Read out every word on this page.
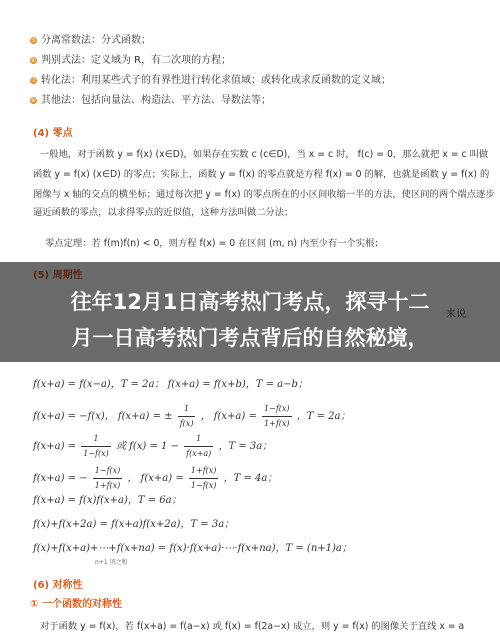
⑤ 分离常数法：分式函数；
⑥ 判别式法：定义域为 R，有二次项的方程；
⑦ 转化法：利用某些式子的有界性进行转化求值域；或转化成求反函数的定义域；
⑧ 其他法：包括向量法、构造法、平方法、导数法等；
(4) 零点
一般地，对于函数 y = f(x) (x∈D)，如果存在实数 c (c∈D)，当 x = c 时， f(c) = 0，那么就把 x = c 叫做
函数 y = f(x) (x∈D) 的零点；实际上，函数 y = f(x) 的零点就是方程 f(x) = 0 的解，也就是函数 y = f(x) 的
图像与 x 轴的交点的横坐标；通过每次把 y = f(x) 的零点所在的小区间收缩一半的方法，使区间的两个端点逐步
逼近函数的零点，以求得零点的近似值，这种方法叫做二分法；
零点定理：若 f(m)f(n) < 0，则方程 f(x) = 0 在区间 (m, n) 内至少有一个实根；
f(x+a) = f(x−a)，T = 2a； f(x+a) = f(x+b)，T = a−b；
f(x+a) = −f(x)， f(x+a) = ± $\frac{1}{f(x)}$ ， $f(x+a) = \frac{1-f(x)}{1+f(x)}$ ，T = 2a；
$f(x+a) = \frac{1}{1-f(x)}$ 或 $f(x) = 1 - \frac{1}{f(x+a)}$ ，T = 3a；
f(x+a) = − $\frac{1-f(x)}{1+f(x)}$ ， $f(x+a) = \frac{1+f(x)}{1-f(x)}$ ，T = 4a；
f(x+a) = f(x)f(x+a)，T = 6a；
f(x)+f(x+2a) = f(x+a)f(x+2a)，T = 3a；
f(x)+f(x+a)+⋯+f(x+na) = f(x)·f(x+a)·⋯·f(x+na)，T = (n+1)a；
n+1 项之和
(6) 对称性
① 一个函数的对称性
对于函数 y = f(x)，若 f(x+a) = f(a−x) 或 f(x) = f(2a−x) 成立，则 y = f(x) 的图像关于直线 x = a
往年12月1日高考热门考点，探寻十二
月一日高考热门考点背后的自然秘境，
